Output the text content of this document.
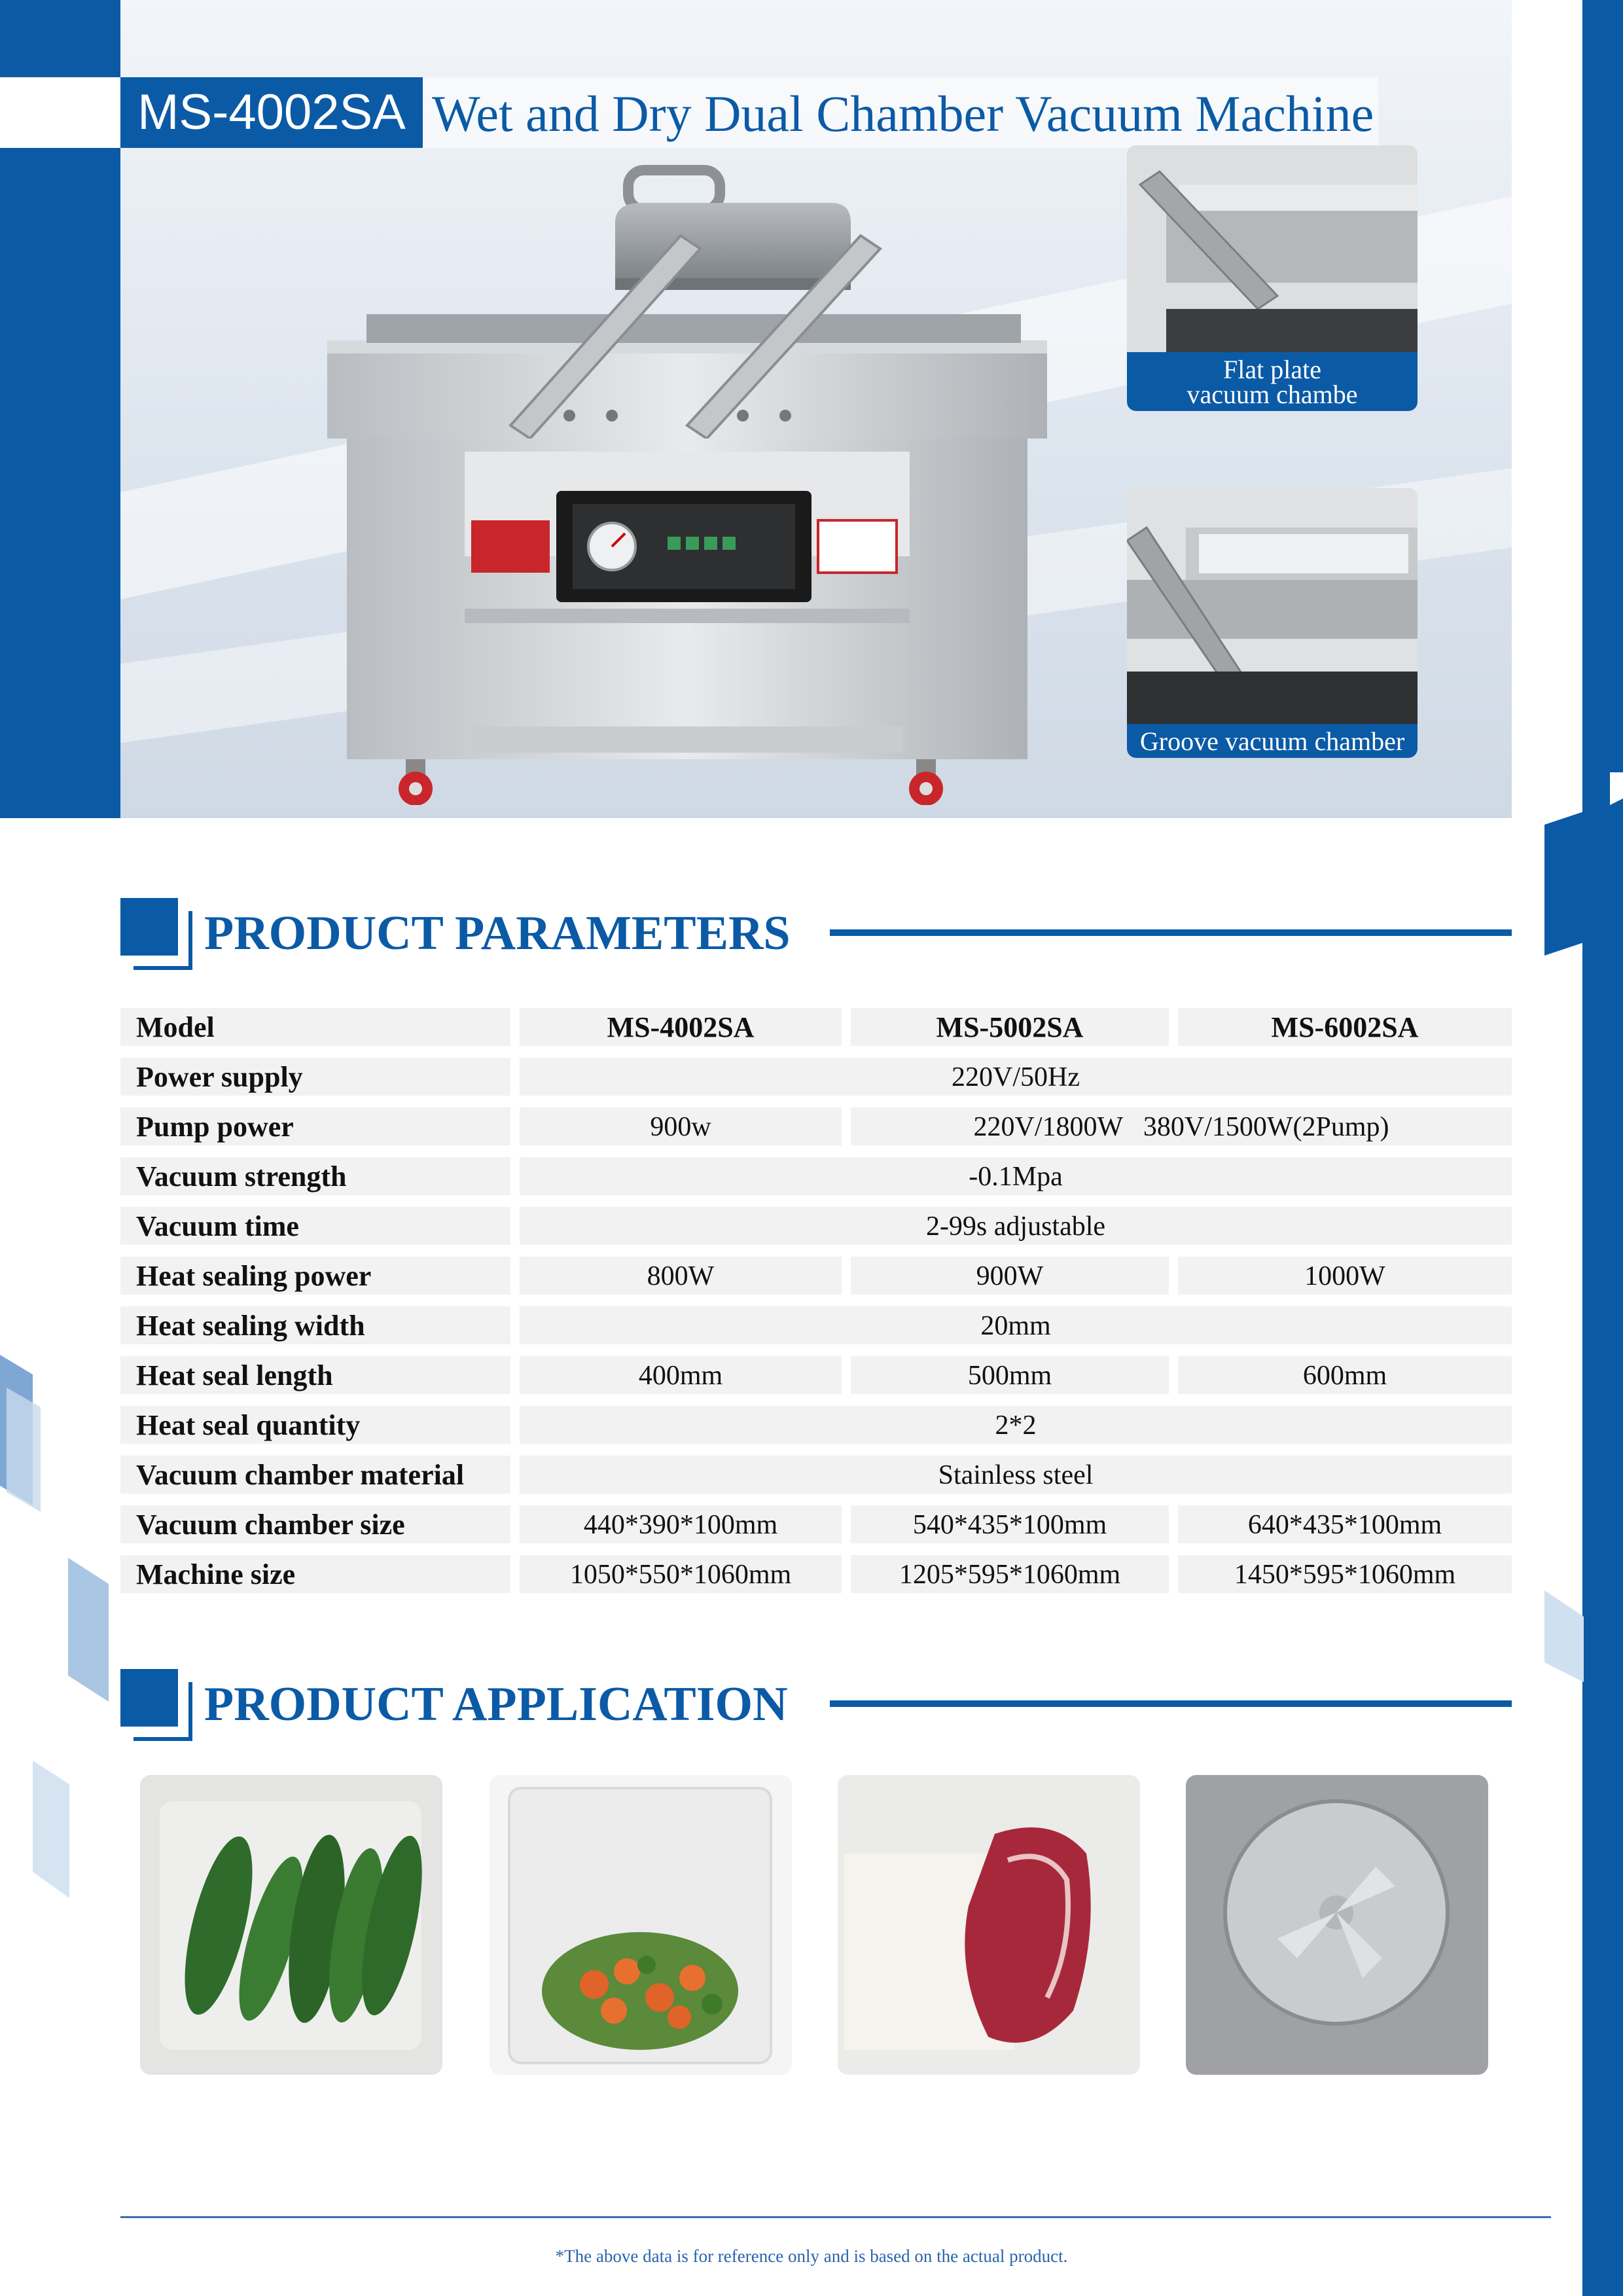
MS-4002SA Wet and Dry Dual Chamber Vacuum Machine
Flat plate
vacuum chambe
Groove vacuum chamber
PRODUCT PARAMETERS
Model	MS-4002SA	MS-5002SA	MS-6002SA
Power supply	220V/50Hz
Pump power	900w	220V/1800W   380V/1500W(2Pump)
Vacuum strength	-0.1Mpa
Vacuum time	2-99s adjustable
Heat sealing power	800W	900W	1000W
Heat sealing width	20mm
Heat seal length	400mm	500mm	600mm
Heat seal quantity	2*2
Vacuum chamber material	Stainless steel
Vacuum chamber size	440*390*100mm	540*435*100mm	640*435*100mm
Machine size	1050*550*1060mm	1205*595*1060mm	1450*595*1060mm
PRODUCT APPLICATION
*The above data is for reference only and is based on the actual product.
